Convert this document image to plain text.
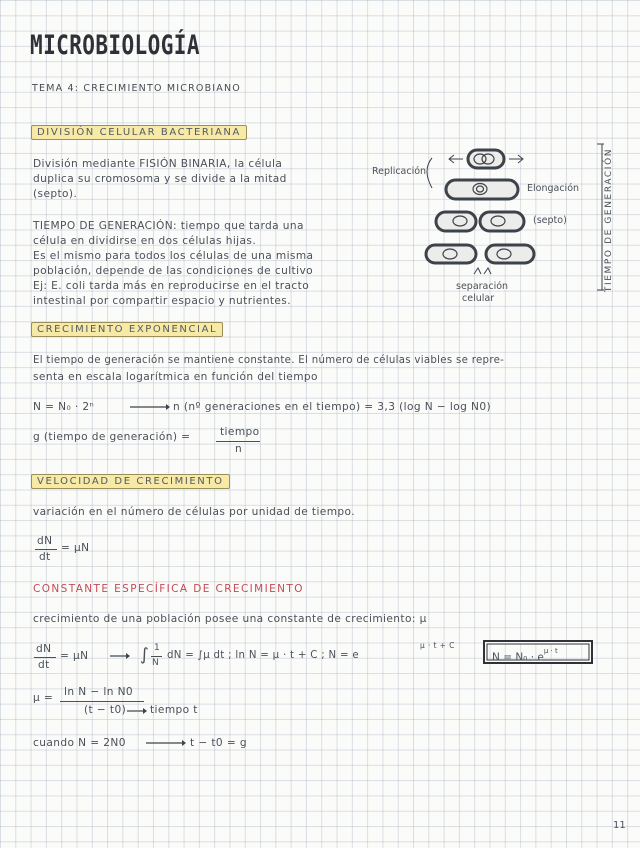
MICROBIOLOGÍA
TEMA 4: CRECIMIENTO MICROBIANO
DIVISIÓN CELULAR BACTERIANA
División mediante FISIÓN BINARIA, la célula
duplica su cromosoma y se divide a la mitad
(septo).
TIEMPO DE GENERACIÓN: tiempo que tarda una
célula en dividirse en dos células hijas.
Es el mismo para todos los células de una misma
población, depende de las condiciones de cultivo
Ej: E. coli tarda más en reproducirse en el tracto
intestinal por compartir espacio y nutrientes.
Replicación
Elongación
(septo)
separación
celular
TIEMPO DE GENERACIÓN
CRECIMIENTO EXPONENCIAL
El tiempo de generación se mantiene constante. El número de células viables se repre-
senta en escala logarítmica en función del tiempo
N = N₀ · 2ⁿ	n (nº generaciones en el tiempo) = 3,3 (log N − log N0)
g (tiempo de generación) =	tiempo
n
VELOCIDAD DE CRECIMIENTO
variación en el número de células por unidad de tiempo.
dN
dt
= µN
CONSTANTE ESPECÍFICA DE CRECIMIENTO
crecimiento de una población posee una constante de crecimiento: µ
dN
dt
= µN	∫ 1
N
dN = ∫µ dt ; ln N = µ · t + C ; N = e
µ · t + C
$N = N_0 \cdot e^{\mu \cdot t}$
µ = ln N − ln N0
(t − t0) tiempo t
cuando N = 2N0	t − t0 = g
11
